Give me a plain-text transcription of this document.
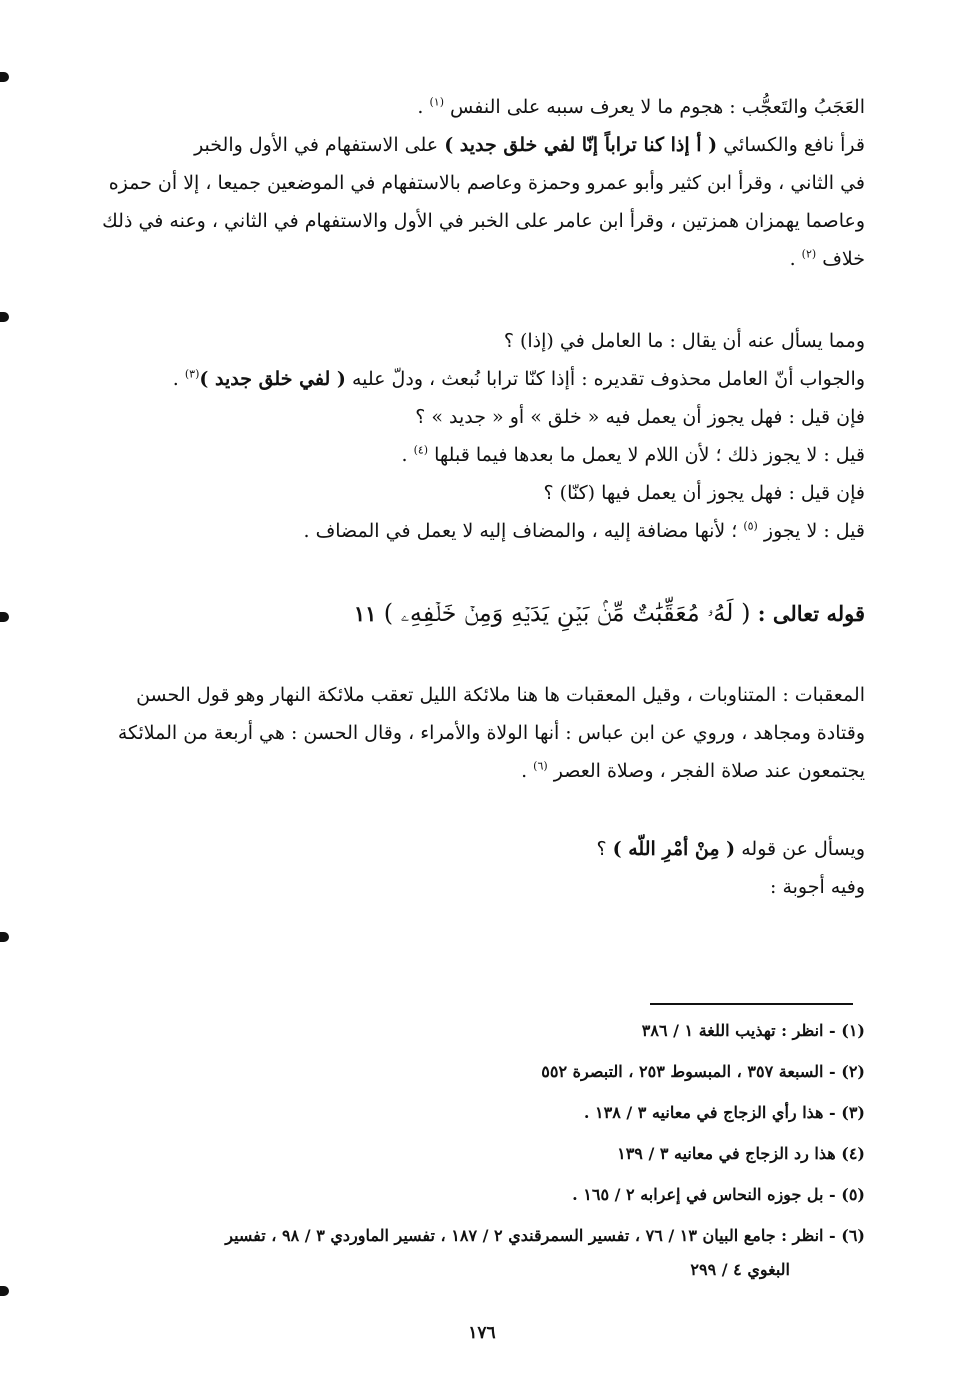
العَجَبُ والتَعجُّب : هجوم ما لا يعرف سببه على النفس $^{(١)}$ .
قرأ نافع والكسائي ( أ إذا كنا تراباً إنّا لفي خلق جديد ) على الاستفهام في الأول والخبر
في الثاني ، وقرأ ابن كثير وأبو عمرو وحمزة وعاصم بالاستفهام في الموضعين جميعا ، إلا أن حمزه
وعاصما يهمزان همزتين ، وقرأ ابن عامر على الخبر في الأول والاستفهام في الثاني ، وعنه في ذلك
خلاف $^{(٢)}$ .
ومما يسأل عنه أن يقال : ما العامل في (إذا) ؟
والجواب أنّ العامل محذوف تقديره : أإذا كنّا ترابا نُبعث ، ودلّ عليه ( لفي خلق جديد )$^{(٣)}$ .
فإن قيل : فهل يجوز أن يعمل فيه « خلق » أو « جديد » ؟
قيل : لا يجوز ذلك ؛ لأن اللام لا يعمل ما بعدها فيما قبلها $^{(٤)}$ .
فإن قيل : فهل يجوز أن يعمل فيها (كنّا) ؟
قيل : لا يجوز $^{(٥)}$ ؛ لأنها مضافة إليه ، والمضاف إليه لا يعمل في المضاف .
قوله تعالى : ( لَهُۥ مُعَقِّبَٰتٌ مِّنۢ بَيۡنِ يَدَيۡهِ وَمِنۡ خَلۡفِهِۦ ) ١١
المعقبات : المتناوبات ، وقيل المعقبات ها هنا ملائكة الليل تعقب ملائكة النهار وهو قول الحسن
وقتادة ومجاهد ، وروي عن ابن عباس : أنها الولاة والأمراء ، وقال الحسن : هي أربعة من الملائكة
يجتمعون عند صلاة الفجر ، وصلاة العصر $^{(٦)}$ .
ويسأل عن قوله ( مِنْ أمْرِ اللّه ) ؟
وفيه أجوبة :
(١) - انظر : تهذيب اللغة ١ / ٣٨٦
(٢) - السبعة ٣٥٧ ، المبسوط ٢٥٣ ، التبصرة ٥٥٢
(٣) - هذا رأي الزجاج في معانيه ٣ / ١٣٨ .
(٤) هذا رد الزجاج في معانيه ٣ / ١٣٩
(٥) - بل جوزه النحاس في إعرابه ٢ / ١٦٥ .
(٦) - انظر : جامع البيان ١٣ / ٧٦ ، تفسير السمرقندي ٢ / ١٨٧ ، تفسير الماوردي ٣ / ٩٨ ، تفسير
البغوي ٤ / ٢٩٩
١٧٦
